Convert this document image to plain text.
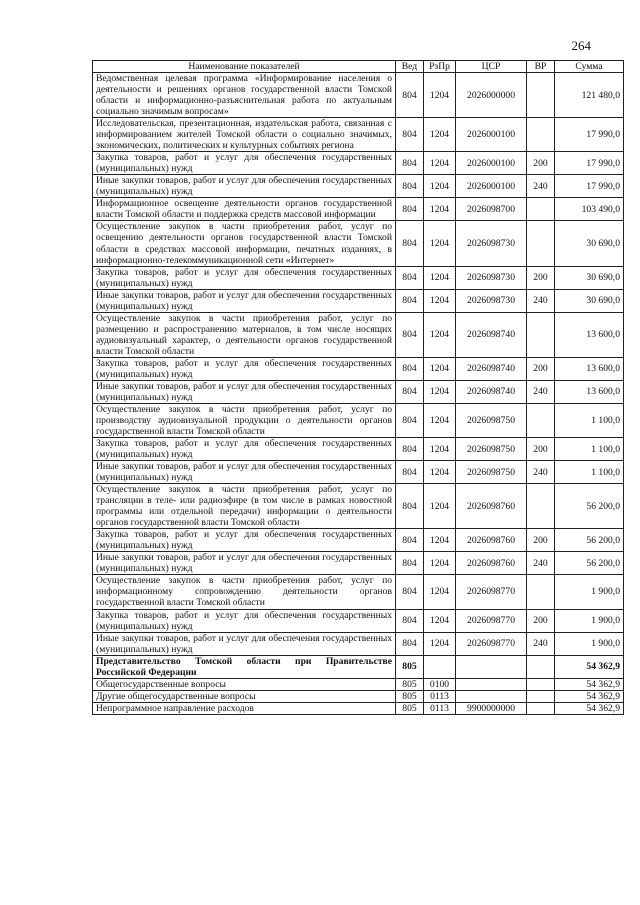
264
Наименование показателей	Вед	РзПр	ЦСР	ВР	Сумма
Ведомственная целевая программа «Информирование населения о деятельности и решениях органов государственной власти Томской области и информационно-разъяснительная работа по актуальным социально значимым вопросам»	804	1204	2026000000		121 480,0
Исследовательская, презентационная, издательская работа, связанная с информированием жителей Томской области о социально значимых, экономических, политических и культурных событиях региона	804	1204	2026000100		17 990,0
Закупка товаров, работ и услуг для обеспечения государственных (муниципальных) нужд	804	1204	2026000100	200	17 990,0
Иные закупки товаров, работ и услуг для обеспечения государственных (муниципальных) нужд	804	1204	2026000100	240	17 990,0
Информационное освещение деятельности органов государственной власти Томской области и поддержка средств массовой информации	804	1204	2026098700		103 490,0
Осуществление закупок в части приобретения работ, услуг по освещению деятельности органов государственной власти Томской области в средствах массовой информации, печатных изданиях, в информационно-телекоммуникационной сети «Интернет»	804	1204	2026098730		30 690,0
Закупка товаров, работ и услуг для обеспечения государственных (муниципальных) нужд	804	1204	2026098730	200	30 690,0
Иные закупки товаров, работ и услуг для обеспечения государственных (муниципальных) нужд	804	1204	2026098730	240	30 690,0
Осуществление закупок в части приобретения работ, услуг по размещению и распространению материалов, в том числе носящих аудиовизуальный характер, о деятельности органов государственной власти Томской области	804	1204	2026098740		13 600,0
Закупка товаров, работ и услуг для обеспечения государственных (муниципальных) нужд	804	1204	2026098740	200	13 600,0
Иные закупки товаров, работ и услуг для обеспечения государственных (муниципальных) нужд	804	1204	2026098740	240	13 600,0
Осуществление закупок в части приобретения работ, услуг по производству аудиовизуальной продукции о деятельности органов государственной власти Томской области	804	1204	2026098750		1 100,0
Закупка товаров, работ и услуг для обеспечения государственных (муниципальных) нужд	804	1204	2026098750	200	1 100,0
Иные закупки товаров, работ и услуг для обеспечения государственных (муниципальных) нужд	804	1204	2026098750	240	1 100,0
Осуществление закупок в части приобретения работ, услуг по трансляции в теле- или радиоэфире (в том числе в рамках новостной программы или отдельной передачи) информации о деятельности органов государственной власти Томской области	804	1204	2026098760		56 200,0
Закупка товаров, работ и услуг для обеспечения государственных (муниципальных) нужд	804	1204	2026098760	200	56 200,0
Иные закупки товаров, работ и услуг для обеспечения государственных (муниципальных) нужд	804	1204	2026098760	240	56 200,0
Осуществление закупок в части приобретения работ, услуг по информационному сопровождению деятельности органов государственной власти Томской области	804	1204	2026098770		1 900,0
Закупка товаров, работ и услуг для обеспечения государственных (муниципальных) нужд	804	1204	2026098770	200	1 900,0
Иные закупки товаров, работ и услуг для обеспечения государственных (муниципальных) нужд	804	1204	2026098770	240	1 900,0
Представительство Томской области при Правительстве Российской Федерации	805				54 362,9
Общегосударственные вопросы	805	0100			54 362,9
Другие общегосударственные вопросы	805	0113			54 362,9
Непрограммное направление расходов	805	0113	9900000000		54 362,9
